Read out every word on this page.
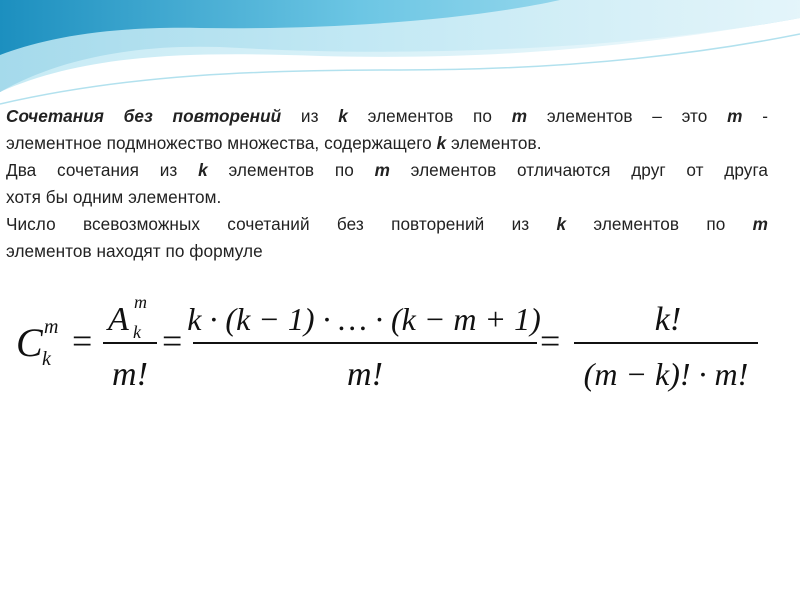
Сочетания без повторений из k элементов по m элементов – это m -

элементное подмножество множества, содержащего k элементов.

Два сочетания из k элементов по m элементов отличаются друг от друга

хотя бы одним элементом.

Число всевозможных сочетаний без повторений из k элементов по m

элементов находят по формуле

C m
k =
A m
k
m!
=
k · (k − 1) · … · (k − m + 1)
m!
=
k!
(m − k)! · m!
